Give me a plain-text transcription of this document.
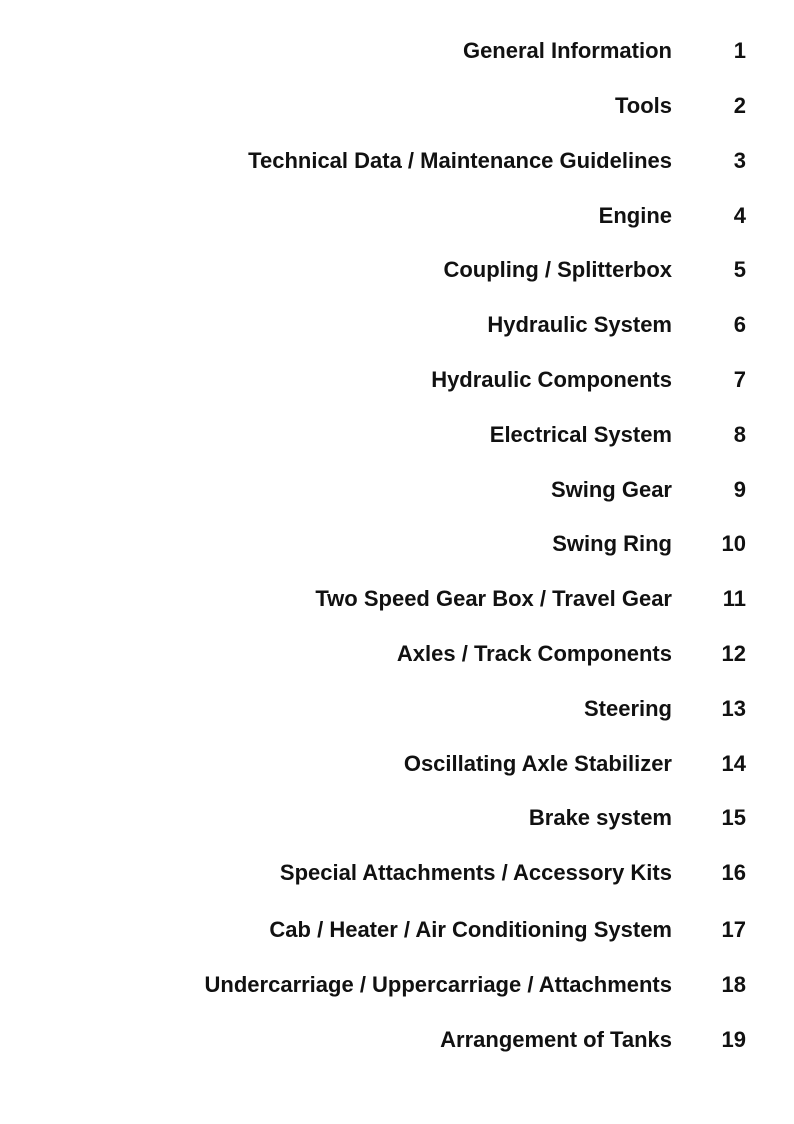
General Information	1
Tools	2
Technical Data / Maintenance Guidelines	3
Engine	4
Coupling / Splitterbox	5
Hydraulic System	6
Hydraulic Components	7
Electrical System	8
Swing Gear	9
Swing Ring 10
Two Speed Gear Box / Travel Gear 11
Axles / Track Components 12
Steering 13
Oscillating Axle Stabilizer 14
Brake system 15
Special Attachments / Accessory Kits 16
Cab / Heater / Air Conditioning System 17
Undercarriage / Uppercarriage / Attachments 18
Arrangement of Tanks 19
